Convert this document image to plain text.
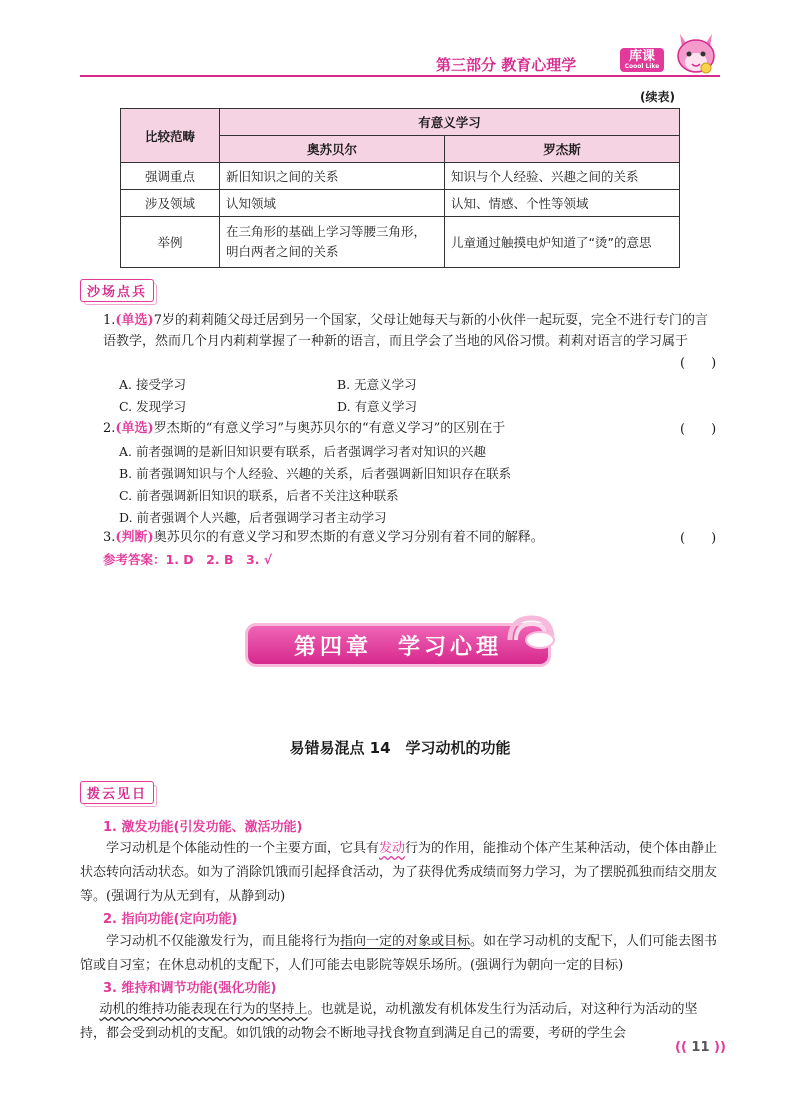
第三部分 教育心理学	库课
Coool Like
(续表)
比较范畴	有意义学习	
	奥苏贝尔	罗杰斯
强调重点	新旧知识之间的关系	知识与个人经验、兴趣之间的关系
涉及领域	认知领域	认知、情感、个性等领域
举例	在三角形的基础上学习等腰三角形，明白两者之间的关系	儿童通过触摸电炉知道了“烫”的意思
沙场点兵
1.(单选)7岁的莉莉随父母迁居到另一个国家，父母让她每天与新的小伙伴一起玩耍，完全不进行专门的言语教学，然而几个月内莉莉掌握了一种新的语言，而且学会了当地的风俗习惯。莉莉对语言的学习属于
(　　)
A. 接受学习	B. 无意义学习
C. 发现学习	D. 有意义学习
2.(单选)罗杰斯的“有意义学习”与奥苏贝尔的“有意义学习”的区别在于	(　　)
A. 前者强调的是新旧知识要有联系，后者强调学习者对知识的兴趣
B. 前者强调知识与个人经验、兴趣的关系，后者强调新旧知识存在联系
C. 前者强调新旧知识的联系，后者不关注这种联系
D. 前者强调个人兴趣，后者强调学习者主动学习
3.(判断)奥苏贝尔的有意义学习和罗杰斯的有意义学习分别有着不同的解释。	(　　)
参考答案：1. D　2. B　3. √
第四章　学习心理
易错易混点 14　学习动机的功能
拨云见日
1. 激发功能(引发功能、激活功能)
学习动机是个体能动性的一个主要方面，它具有发动行为的作用，能推动个体产生某种活动，使个体由静止状态转向活动状态。如为了消除饥饿而引起择食活动，为了获得优秀成绩而努力学习，为了摆脱孤独而结交朋友等。(强调行为从无到有，从静到动)
2. 指向功能(定向功能)
学习动机不仅能激发行为，而且能将行为指向一定的对象或目标。如在学习动机的支配下，人们可能去图书馆或自习室；在休息动机的支配下，人们可能去电影院等娱乐场所。(强调行为朝向一定的目标)
3. 维持和调节功能(强化功能)
动机的维持功能表现在行为的坚持上。也就是说，动机激发有机体发生行为活动后，对这种行为活动的坚持，都会受到动机的支配。如饥饿的动物会不断地寻找食物直到满足自己的需要，考研的学生会
(( 11 ))
